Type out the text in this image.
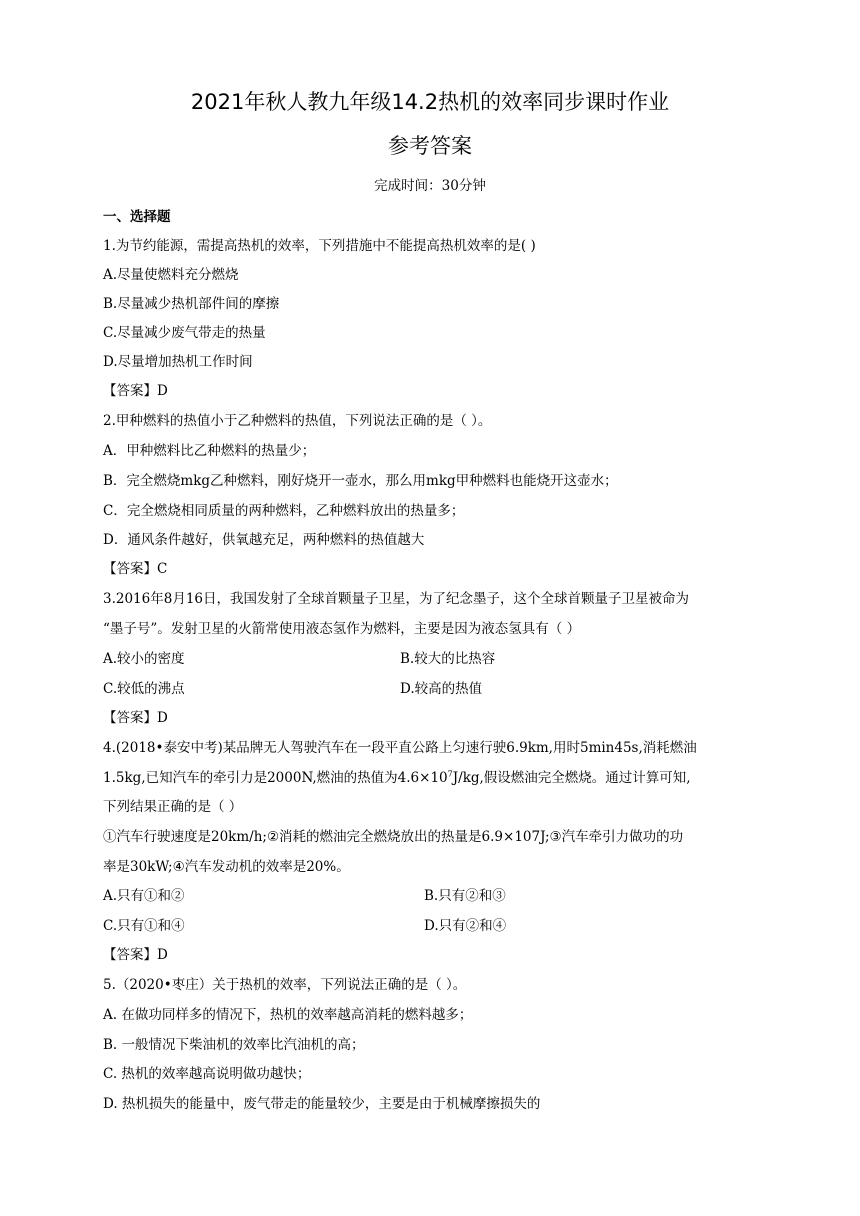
2021年秋人教九年级14.2热机的效率同步课时作业
参考答案
完成时间：30分钟
一、选择题
1.为节约能源，需提高热机的效率，下列措施中不能提高热机效率的是( )
A.尽量使燃料充分燃烧
B.尽量减少热机部件间的摩擦
C.尽量减少废气带走的热量
D.尽量增加热机工作时间
【答案】D
2.甲种燃料的热值小于乙种燃料的热值，下列说法正确的是（ ）。
A．甲种燃料比乙种燃料的热量少；
B．完全燃烧mkg乙种燃料，刚好烧开一壶水，那么用mkg甲种燃料也能烧开这壶水；
C．完全燃烧相同质量的两种燃料，乙种燃料放出的热量多；
D．通风条件越好，供氧越充足，两种燃料的热值越大
【答案】C
3.2016年8月16日，我国发射了全球首颗量子卫星，为了纪念墨子，这个全球首颗量子卫星被命为
“墨子号”。发射卫星的火箭常使用液态氢作为燃料，主要是因为液态氢具有（ ）
A.较小的密度	B.较大的比热容
C.较低的沸点	D.较高的热值
【答案】D
4.(2018•泰安中考)某品牌无人驾驶汽车在一段平直公路上匀速行驶6.9km,用时5min45s,消耗燃油
1.5kg,已知汽车的牵引力是2000N,燃油的热值为$4.6\times 10^7J/kg$,假设燃油完全燃烧。通过计算可知,
下列结果正确的是（ ）
①汽车行驶速度是20km/h;②消耗的燃油完全燃烧放出的热量是6.9×107J;③汽车牵引力做功的功
率是30kW;④汽车发动机的效率是20%。
A.只有①和②	B.只有②和③
C.只有①和④	D.只有②和④
【答案】D
5.（2020•枣庄）关于热机的效率，下列说法正确的是（ ）。
A. 在做功同样多的情况下，热机的效率越高消耗的燃料越多；
B. 一般情况下柴油机的效率比汽油机的高；
C. 热机的效率越高说明做功越快；
D. 热机损失的能量中，废气带走的能量较少，主要是由于机械摩擦损失的
